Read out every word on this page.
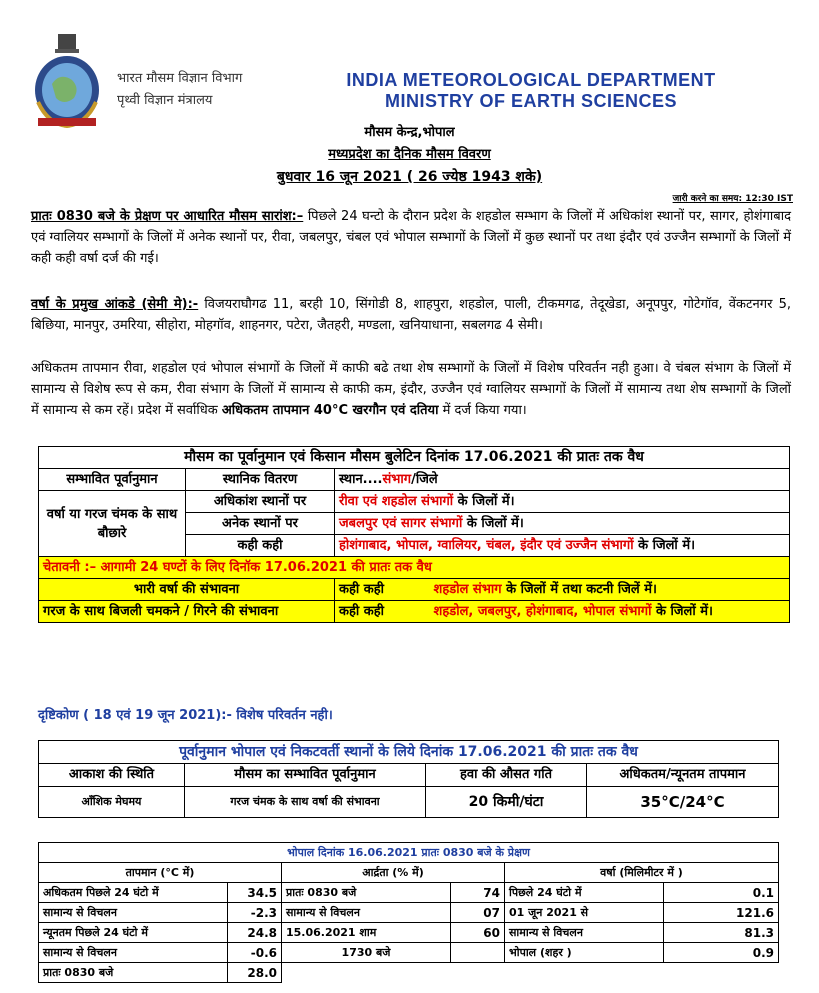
भारत मौसम विज्ञान विभाग
पृथ्वी विज्ञान मंत्रालय
INDIA METEOROLOGICAL DEPARTMENT
MINISTRY OF EARTH SCIENCES
मौसम केन्द्र,भोपाल
मध्यप्रदेश का दैनिक मौसम विवरण
बुधवार 16 जून 2021 ( 26 ज्येष्ठ 1943 शके)
जारी करने का समय: 12:30 IST
प्रातः 0830 बजे के प्रेक्षण पर आधारित मौसम सारांश:– पिछले 24 घन्टो के दौरान प्रदेश के शहडोल सम्भाग के जिलों में अधिकांश स्थानों पर, सागर, होशंगाबाद एवं ग्वालियर सम्भागों के जिलों में अनेक स्थानों पर, रीवा, जबलपुर, चंबल एवं भोपाल सम्भागों के जिलों में कुछ स्थानों पर तथा इंदौर एवं उज्जैन सम्भागों के जिलों में कही कही वर्षा दर्ज की गई।
वर्षा के प्रमुख आंकडे (सेमी मे):- विजयराघौगढ 11, बरही 10, सिंगोडी 8, शाहपुरा, शहडोल, पाली, टीकमगढ, तेदूखेडा, अनूपपुर, गोटेगॉव, वेंकटनगर 5, बिछिया, मानपुर, उमरिया, सीहोरा, मोहगॉव, शाहनगर, पटेरा, जैतहरी, मण्डला, खनियाधाना, सबलगढ 4 सेमी।
अधिकतम तापमान रीवा, शहडोल एवं भोपाल संभागों के जिलों में काफी बढे तथा शेष सम्भागों के जिलों में विशेष परिवर्तन नही हुआ। वे चंबल संभाग के जिलों में सामान्य से विशेष रूप से कम, रीवा संभाग के जिलों में सामान्य से काफी कम, इंदौर, उज्जैन एवं ग्वालियर सम्भागों के जिलों में सामान्य तथा शेष सम्भागों के जिलों में सामान्य से कम रहें। प्रदेश में सर्वाधिक अधिकतम तापमान 40°C खरगौन एवं दतिया में दर्ज किया गया।
मौसम का पूर्वानुमान एवं किसान मौसम बुलेटिन दिनांक 17.06.2021 की प्रातः तक वैध		
सम्भावित पूर्वानुमान	स्थानिक वितरण	स्थान....संभाग/जिले
वर्षा या गरज चंमक के साथ बौछारे	अधिकांश स्थानों पर	रीवा एवं शहडोल संभागों के जिलों में।
	अनेक स्थानों पर	जबलपुर एवं सागर संभागों के जिलों में।
	कही कही	होशंगाबाद, भोपाल, ग्वालियर, चंबल, इंदौर एवं उज्जैन संभागों के जिलों में।
चेतावनी :– आगामी 24 घण्टों के लिए दिनॉक 17.06.2021 की प्रातः तक वैध		
भारी वर्षा की संभावना		कही कही शहडोल संभाग के जिलों में तथा कटनी जिलें में।
गरज के साथ बिजली चमकने / गिरने की संभावना		कही कही शहडोल, जबलपुर, होशंगाबाद, भोपाल संभागों के जिलों में।
दृष्टिकोण ( 18 एवं 19 जून 2021):- विशेष परिवर्तन नही।
पूर्वानुमान भोपाल एवं निकटवर्ती स्थानों के लिये दिनांक 17.06.2021 की प्रातः तक वैध			
आकाश की स्थिति	मौसम का सम्भावित पूर्वानुमान	हवा की औसत गति	अधिकतम/न्यूनतम तापमान
ऑंशिक मेघमय	गरज चंमक के साथ वर्षा की संभावना	20 किमी/घंटा	35°C/24°C
भोपाल दिनांक 16.06.2021 प्रातः 0830 बजे के प्रेक्षण					
तापमान (°C में)		आर्द्रता (% में)		वर्षा (मिलिमीटर में )	
अधिकतम पिछले 24 घंटो में	34.5	प्रातः 0830 बजे	74	पिछले 24 घंटो में	0.1
सामान्य से विचलन	-2.3	सामान्य से विचलन	07	01 जून 2021 से	121.6
न्यूनतम पिछले 24 घंटो में	24.8	15.06.2021 शाम	60	सामान्य से विचलन	81.3
सामान्य से विचलन	-0.6	1730 बजे		भोपाल (शहर )	0.9
प्रातः 0830 बजे	28.0				
